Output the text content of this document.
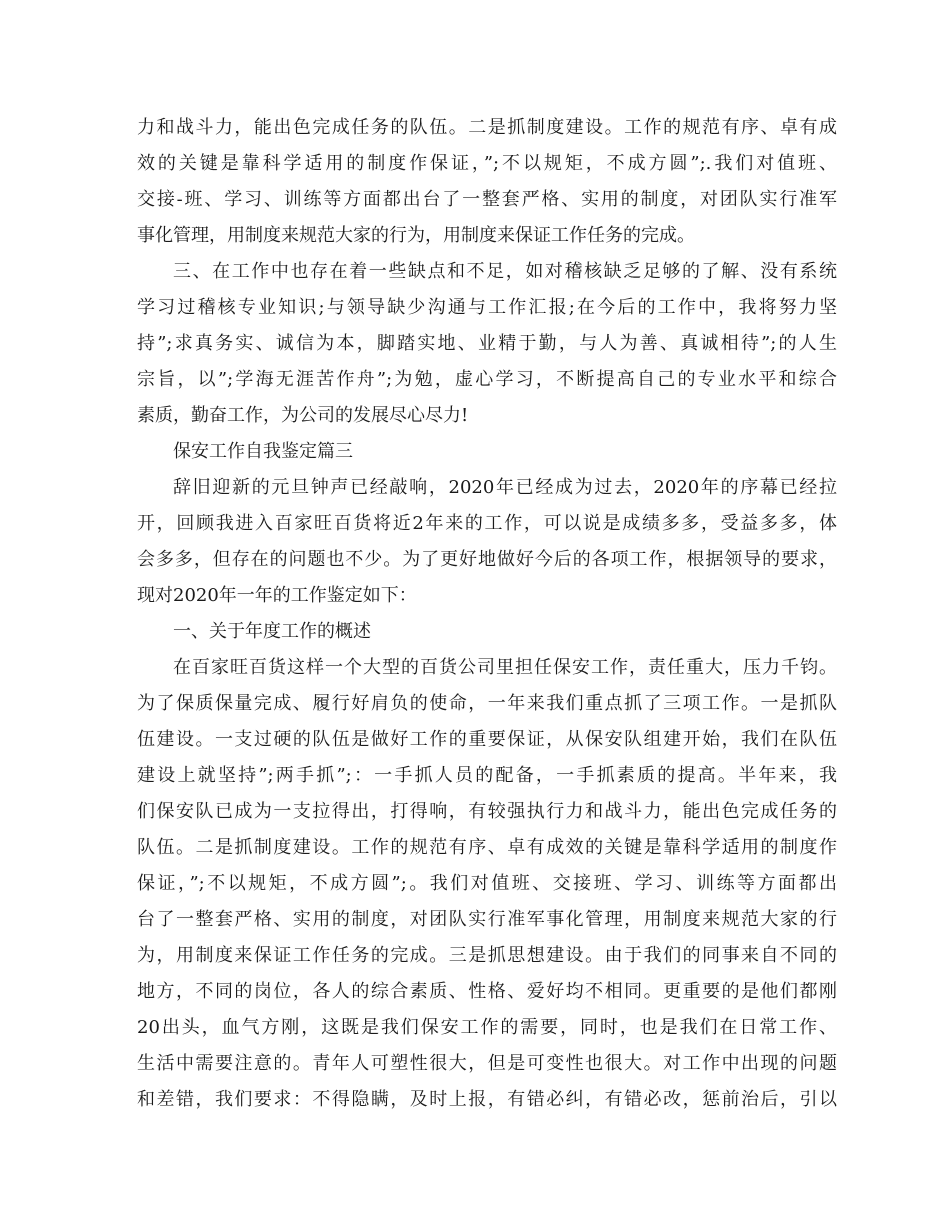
力和战斗力，能出色完成任务的队伍。二是抓制度建设。工作的规范有序、卓有成
效的关键是靠科学适用的制度作保证，”;不以规矩，不成方圆”;.我们对值班、
交接-班、学习、训练等方面都出台了一整套严格、实用的制度，对团队实行准军
事化管理，用制度来规范大家的行为，用制度来保证工作任务的完成。
三、在工作中也存在着一些缺点和不足，如对稽核缺乏足够的了解、没有系统
学习过稽核专业知识;与领导缺少沟通与工作汇报;在今后的工作中，我将努力坚
持”;求真务实、诚信为本，脚踏实地、业精于勤，与人为善、真诚相待”;的人生
宗旨，以”;学海无涯苦作舟”;为勉，虚心学习，不断提高自己的专业水平和综合
素质，勤奋工作，为公司的发展尽心尽力!
保安工作自我鉴定篇三
辞旧迎新的元旦钟声已经敲响，2020年已经成为过去，2020年的序幕已经拉
开，回顾我进入百家旺百货将近2年来的工作，可以说是成绩多多，受益多多，体
会多多，但存在的问题也不少。为了更好地做好今后的各项工作，根据领导的要求，
现对2020年一年的工作鉴定如下：
一、关于年度工作的概述
在百家旺百货这样一个大型的百货公司里担任保安工作，责任重大，压力千钧。
为了保质保量完成、履行好肩负的使命，一年来我们重点抓了三项工作。一是抓队
伍建设。一支过硬的队伍是做好工作的重要保证，从保安队组建开始，我们在队伍
建设上就坚持”;两手抓”;：一手抓人员的配备，一手抓素质的提高。半年来，我
们保安队已成为一支拉得出，打得响，有较强执行力和战斗力，能出色完成任务的
队伍。二是抓制度建设。工作的规范有序、卓有成效的关键是靠科学适用的制度作
保证，”;不以规矩，不成方圆”;。我们对值班、交接班、学习、训练等方面都出
台了一整套严格、实用的制度，对团队实行准军事化管理，用制度来规范大家的行
为，用制度来保证工作任务的完成。三是抓思想建设。由于我们的同事来自不同的
地方，不同的岗位，各人的综合素质、性格、爱好均不相同。更重要的是他们都刚
20出头，血气方刚，这既是我们保安工作的需要，同时，也是我们在日常工作、
生活中需要注意的。青年人可塑性很大，但是可变性也很大。对工作中出现的问题
和差错，我们要求：不得隐瞒，及时上报，有错必纠，有错必改，惩前治后，引以
